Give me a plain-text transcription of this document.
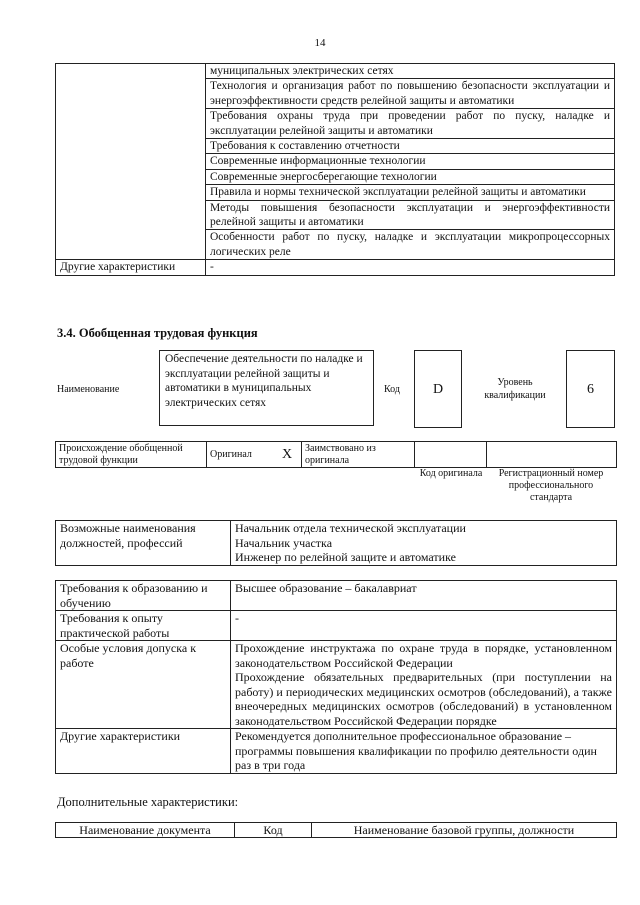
14
	муниципальных электрических сетях
	Технология и организация работ по повышению безопасности эксплуатации и энергоэффективности средств релейной защиты и автоматики
	Требования охраны труда при проведении работ по пуску, наладке и эксплуатации релейной защиты и автоматики
	Требования к составлению отчетности
	Современные информационные технологии
	Современные энергосберегающие технологии
	Правила и нормы технической эксплуатации релейной защиты и автоматики
	Методы повышения безопасности эксплуатации и энергоэффективности релейной защиты и автоматики
	Особенности работ по пуску, наладке и эксплуатации микропроцессорных логических реле
Другие характеристики	-
3.4. Обобщенная трудовая функция
Наименование
Обеспечение деятельности по наладке и эксплуатации релейной защиты и автоматики в муниципальных электрических сетях
Код	D	Уровень квалификации	6
Происхождение обобщенной трудовой функции	Оригинал	X	Заимствовано из оригинала		
Код оригинала	Регистрационный номер профессионального стандарта
Возможные наименования должностей, профессий	
Начальник отдела технической эксплуатации
Начальник участка
Инженер по релейной защите и автоматике
Требования к образованию и обучению	Высшее образование – бакалавриат
Требования к опыту практической работы	-
Особые условия допуска к работе	Прохождение инструктажа по охране труда в порядке, установленном законодательством Российской Федерации
Прохождение обязательных предварительных (при поступлении на работу) и периодических медицинских осмотров (обследований), а также внеочередных медицинских осмотров (обследований) в установленном законодательством Российской Федерации порядке

Другие характеристики	Рекомендуется дополнительное профессиональное образование – программы повышения квалификации по профилю деятельности один раз в три года
Дополнительные характеристики:
Наименование документа	Код	Наименование базовой группы, должности
